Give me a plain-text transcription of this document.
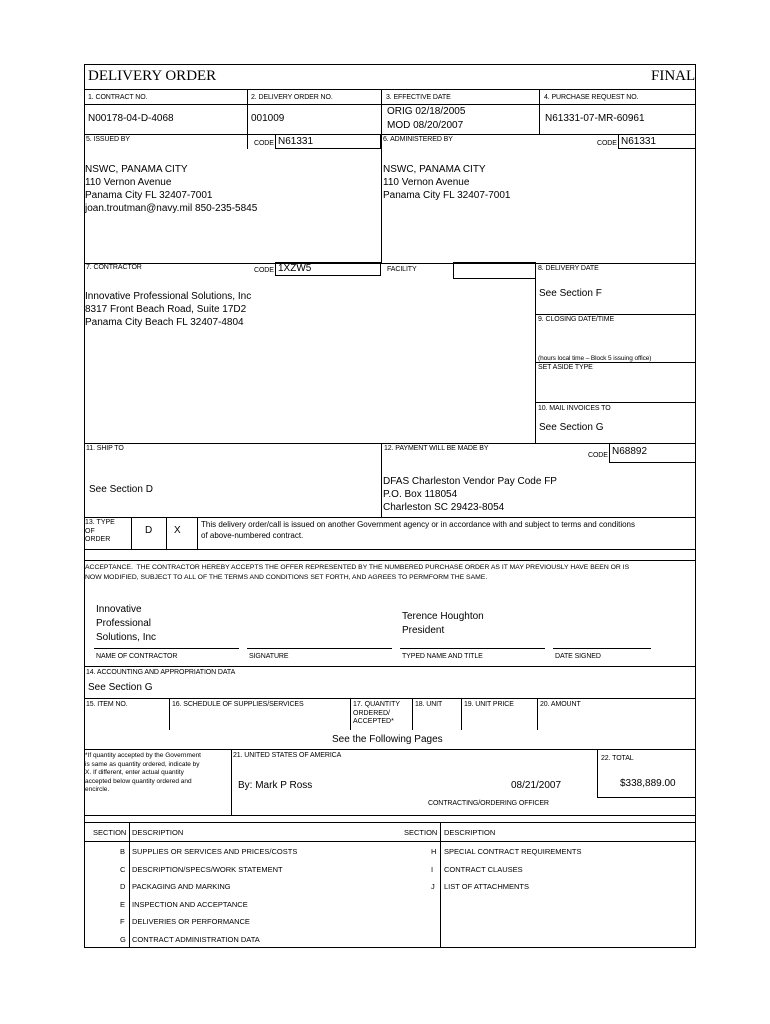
DELIVERY ORDER	FINAL
1. CONTRACT NO.
N00178-04-D-4068
2. DELIVERY ORDER NO.
001009
3. EFFECTIVE DATE
ORIG 02/18/2005
MOD 08/20/2007
4. PURCHASE REQUEST NO.
N61331-07-MR-60961
5. ISSUED BY
CODE N61331
NSWC, PANAMA CITY
110 Vernon Avenue
Panama City FL 32407-7001
joan.troutman@navy.mil 850-235-5845
6. ADMINISTERED BY
CODE N61331
NSWC, PANAMA CITY
110 Vernon Avenue
Panama City FL 32407-7001
7. CONTRACTOR	CODE 1XZW5	FACILITY
Innovative Professional Solutions, Inc
8317 Front Beach Road, Suite 17D2
Panama City Beach FL 32407-4804
8. DELIVERY DATE
See Section F
9. CLOSING DATE/TIME
(hours local time – Block 5 issuing office)
SET ASIDE TYPE
10. MAIL INVOICES TO
See Section G
11. SHIP TO
See Section D
12. PAYMENT WILL BE MADE BY
CODE N68892
DFAS Charleston Vendor Pay Code FP
P.O. Box 118054
Charleston SC 29423-8054
13. TYPE
OF
ORDER
D X
This delivery order/call is issued on another Government agency or in accordance with and subject to terms and conditions
of above-numbered contract.
ACCEPTANCE.  THE CONTRACTOR HEREBY ACCEPTS THE OFFER REPRESENTED BY THE NUMBERED PURCHASE ORDER AS IT MAY PREVIOUSLY HAVE BEEN OR IS
NOW MODIFIED, SUBJECT TO ALL OF THE TERMS AND CONDITIONS SET FORTH, AND AGREES TO PERMFORM THE SAME.
Innovative
Professional
Solutions, Inc
Terence Houghton
President
NAME OF CONTRACTOR	SIGNATURE	TYPED NAME AND TITLE	DATE SIGNED
14. ACCOUNTING AND APPROPRIATION DATA
See Section G
15. ITEM NO.	16. SCHEDULE OF SUPPLIES/SERVICES	17. QUANTITY
ORDERED/
ACCEPTED*
18. UNIT	19. UNIT PRICE	20. AMOUNT
See the Following Pages
*If quantity accepted by the Government
is same as quantity ordered, indicate by
X. If different, enter actual quantity
accepted below quantity ordered and
encircle.
21. UNITED STATES OF AMERICA
By: Mark P Ross	08/21/2007
CONTRACTING/ORDERING OFFICER
22. TOTAL
$338,889.00
SECTION DESCRIPTION	SECTION DESCRIPTION
B SUPPLIES OR SERVICES AND PRICES/COSTS
C DESCRIPTION/SPECS/WORK STATEMENT
D PACKAGING AND MARKING
E INSPECTION AND ACCEPTANCE
F DELIVERIES OR PERFORMANCE
G CONTRACT ADMINISTRATION DATA
H SPECIAL CONTRACT REQUIREMENTS
I CONTRACT CLAUSES
J LIST OF ATTACHMENTS
